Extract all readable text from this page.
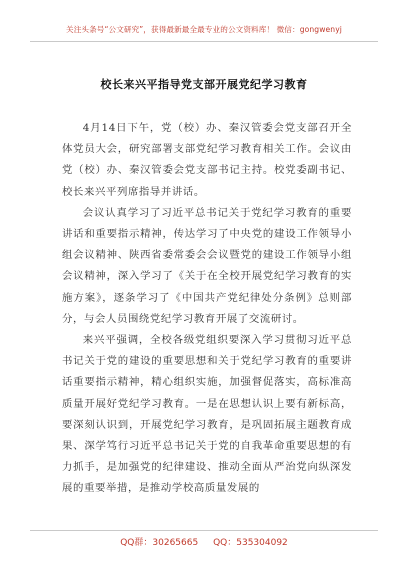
关注头条号“公文研究”，获得最新最全最专业的公文资料库！ 微信：gongwenyj
校长来兴平指导党支部开展党纪学习教育

4月14日下午，党（校）办、秦汉管委会党支部召开全体党员大会，研究部署支部党纪学习教育相关工作。会议由党（校）办、秦汉管委会党支部书记主持。校党委副书记、校长来兴平列席指导并讲话。

会议认真学习了习近平总书记关于党纪学习教育的重要讲话和重要指示精神，传达学习了中央党的建设工作领导小组会议精神、陕西省委常委会会议暨党的建设工作领导小组会议精神，深入学习了《关于在全校开展党纪学习教育的实施方案》，逐条学习了《中国共产党纪律处分条例》总则部分，与会人员围绕党纪学习教育开展了交流研讨。

来兴平强调，全校各级党组织要深入学习贯彻习近平总书记关于党的建设的重要思想和关于党纪学习教育的重要讲话重要指示精神，精心组织实施，加强督促落实，高标准高质量开展好党纪学习教育。一是在思想认识上要有新标高，要深刻认识到，开展党纪学习教育，是巩固拓展主题教育成果、深学笃行习近平总书记关于党的自我革命重要思想的有力抓手，是加强党的纪律建设、推动全面从严治党向纵深发展的重要举措，是推动学校高质量发展的

QQ群：30265665 QQ：535304092
